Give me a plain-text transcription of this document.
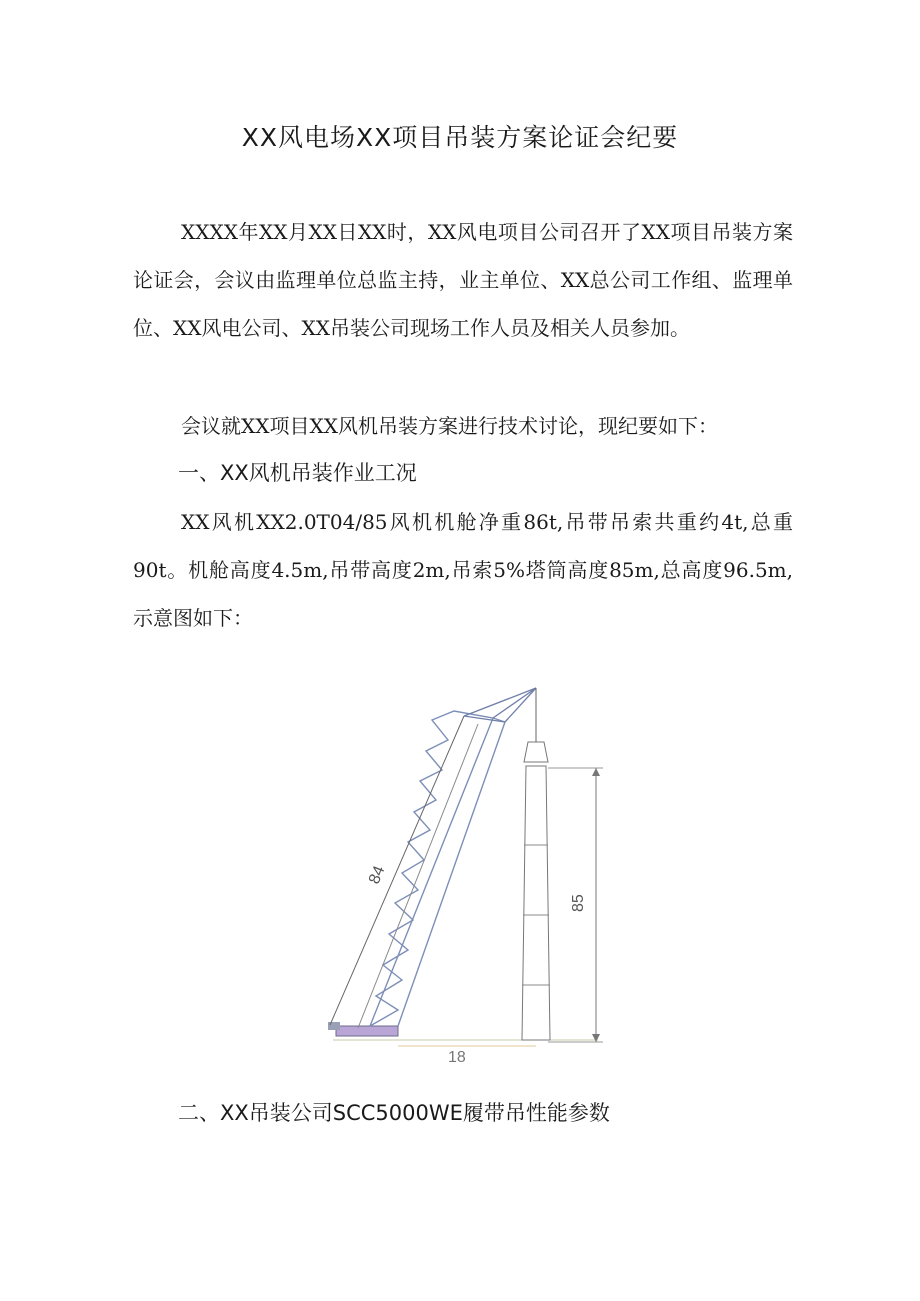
XX风电场XX项目吊装方案论证会纪要

XXXX年XX月XX日XX时，XX风电项目公司召开了XX项目吊装方案论证会，会议由监理单位总监主持，业主单位、XX总公司工作组、监理单位、XX风电公司、XX吊装公司现场工作人员及相关人员参加。

会议就XX项目XX风机吊装方案进行技术讨论，现纪要如下：

一、XX风机吊装作业工况

XX风机XX2.0T04/85风机机舱净重86t,吊带吊索共重约4t,总重90t。机舱高度4.5m,吊带高度2m,吊索5%塔筒高度85m,总高度96.5m,示意图如下：

84
85
18
二、XX吊装公司SCC5000WE履带吊性能参数
